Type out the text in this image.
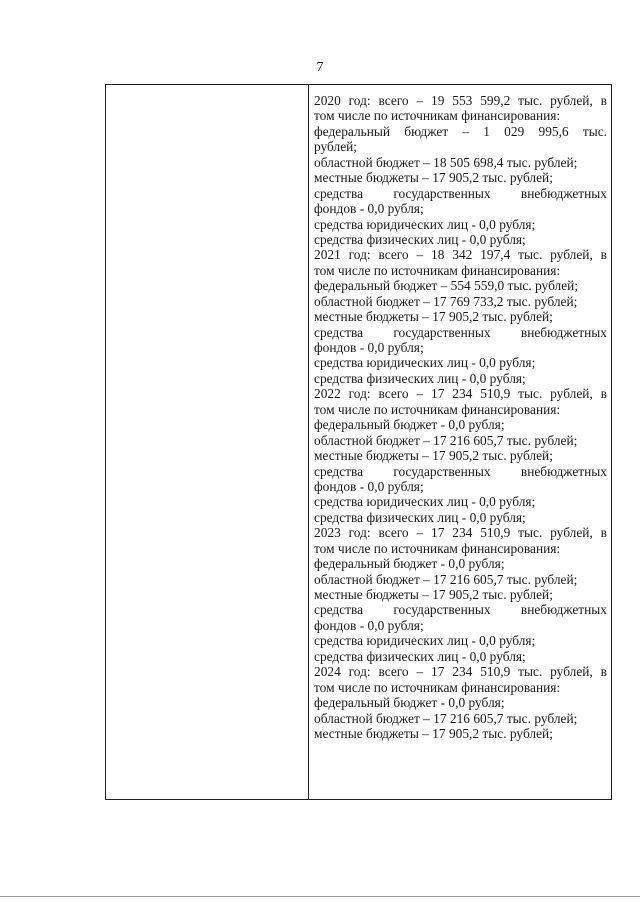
7
2020 год: всего – 19 553 599,2 тыс. рублей, в
том числе по источникам финансирования:
федеральный бюджет – 1 029 995,6 тыс.
рублей;
областной бюджет – 18 505 698,4 тыс. рублей;
местные бюджеты – 17 905,2 тыс. рублей;
средства государственных внебюджетных
фондов - 0,0 рубля;
средства юридических лиц - 0,0 рубля;
средства физических лиц - 0,0 рубля;
2021 год: всего – 18 342 197,4 тыс. рублей, в
том числе по источникам финансирования:
федеральный бюджет – 554 559,0 тыс. рублей;
областной бюджет – 17 769 733,2 тыс. рублей;
местные бюджеты – 17 905,2 тыс. рублей;
средства государственных внебюджетных
фондов - 0,0 рубля;
средства юридических лиц - 0,0 рубля;
средства физических лиц - 0,0 рубля;
2022 год: всего – 17 234 510,9 тыс. рублей, в
том числе по источникам финансирования:
федеральный бюджет - 0,0 рубля;
областной бюджет – 17 216 605,7 тыс. рублей;
местные бюджеты – 17 905,2 тыс. рублей;
средства государственных внебюджетных
фондов - 0,0 рубля;
средства юридических лиц - 0,0 рубля;
средства физических лиц - 0,0 рубля;
2023 год: всего – 17 234 510,9 тыс. рублей, в
том числе по источникам финансирования:
федеральный бюджет - 0,0 рубля;
областной бюджет – 17 216 605,7 тыс. рублей;
местные бюджеты – 17 905,2 тыс. рублей;
средства государственных внебюджетных
фондов - 0,0 рубля;
средства юридических лиц - 0,0 рубля;
средства физических лиц - 0,0 рубля;
2024 год: всего – 17 234 510,9 тыс. рублей, в
том числе по источникам финансирования:
федеральный бюджет - 0,0 рубля;
областной бюджет – 17 216 605,7 тыс. рублей;
местные бюджеты – 17 905,2 тыс. рублей;
